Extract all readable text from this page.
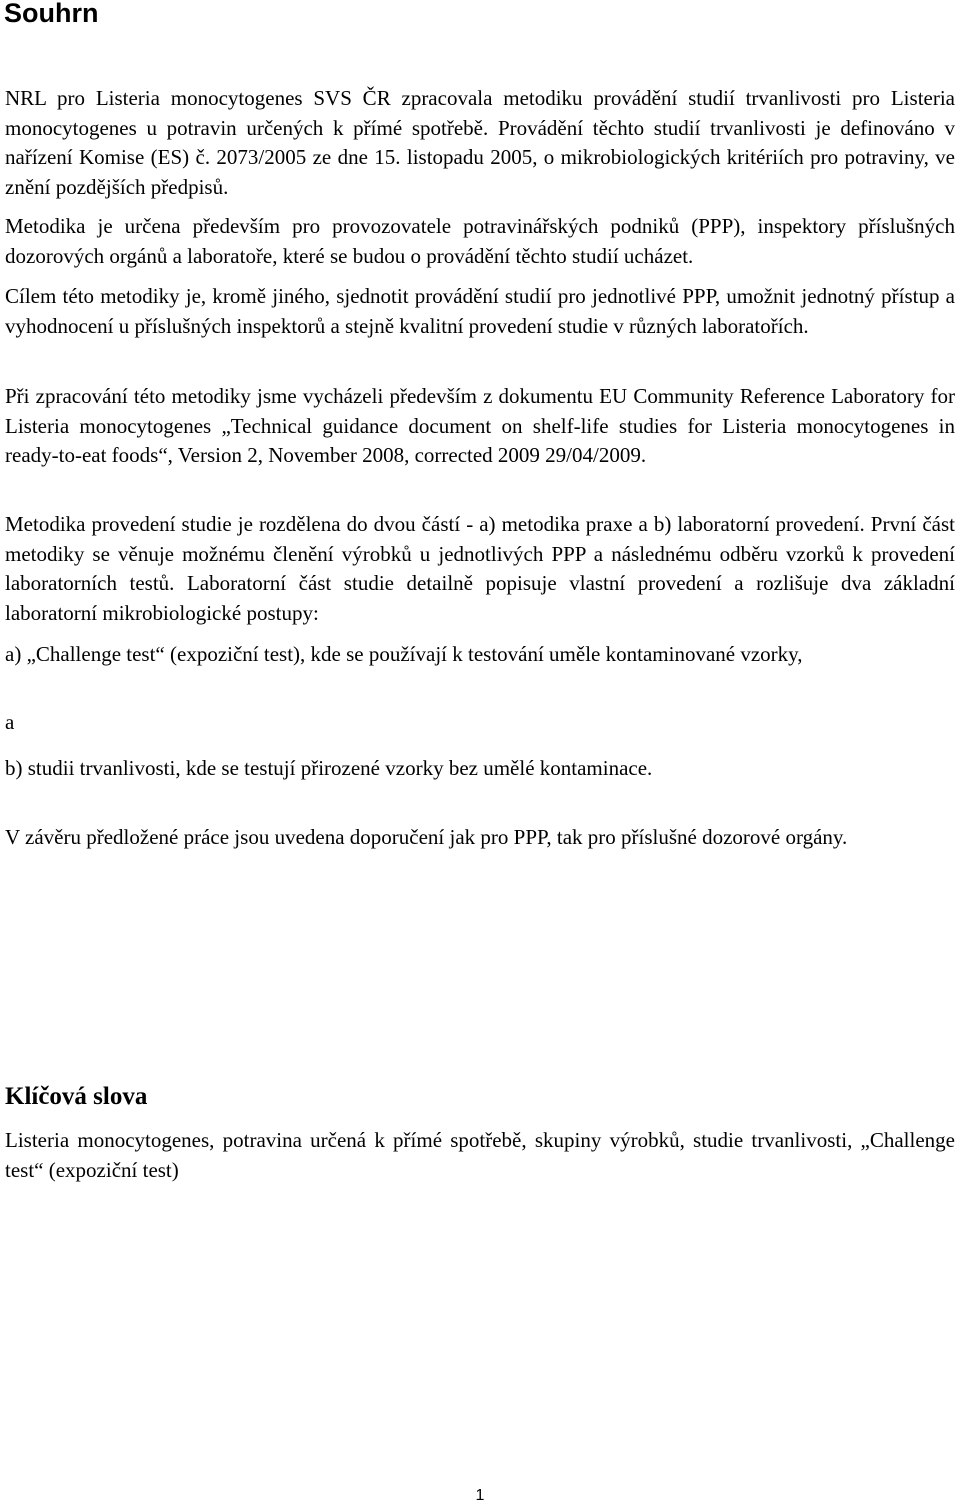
Souhrn

NRL pro Listeria monocytogenes SVS ČR zpracovala metodiku provádění studií trvanlivosti pro Listeria monocytogenes u potravin určených k přímé spotřebě. Provádění těchto studií trvanlivosti je definováno v nařízení Komise (ES) č. 2073/2005 ze dne 15. listopadu 2005, o mikrobiologických kritériích pro potraviny, ve znění pozdějších předpisů.

Metodika je určena především pro provozovatele potravinářských podniků (PPP), inspektory příslušných dozorových orgánů a laboratoře, které se budou o provádění těchto studií ucházet.

Cílem této metodiky je, kromě jiného, sjednotit provádění studií pro jednotlivé PPP, umožnit jednotný přístup a vyhodnocení u příslušných inspektorů a stejně kvalitní provedení studie v různých laboratořích.

Při zpracování této metodiky jsme vycházeli především z dokumentu EU Community Reference Laboratory for Listeria monocytogenes „Technical guidance document on shelf-life studies for Listeria monocytogenes in ready-to-eat foods“, Version 2, November 2008, corrected 2009 29/04/2009.

Metodika provedení studie je rozdělena do dvou částí - a) metodika praxe a b) laboratorní provedení. První část metodiky se věnuje možnému členění výrobků u jednotlivých PPP a následnému odběru vzorků k provedení laboratorních testů. Laboratorní část studie detailně popisuje vlastní provedení a rozlišuje dva základní laboratorní mikrobiologické postupy:

a) „Challenge test“ (expoziční test), kde se používají k testování uměle kontaminované vzorky,

a

b) studii trvanlivosti, kde se testují přirozené vzorky bez umělé kontaminace.

V závěru předložené práce jsou uvedena doporučení jak pro PPP, tak pro příslušné dozorové orgány.

Klíčová slova

Listeria monocytogenes, potravina určená k přímé spotřebě, skupiny výrobků, studie trvanlivosti, „Challenge test“ (expoziční test)

1
